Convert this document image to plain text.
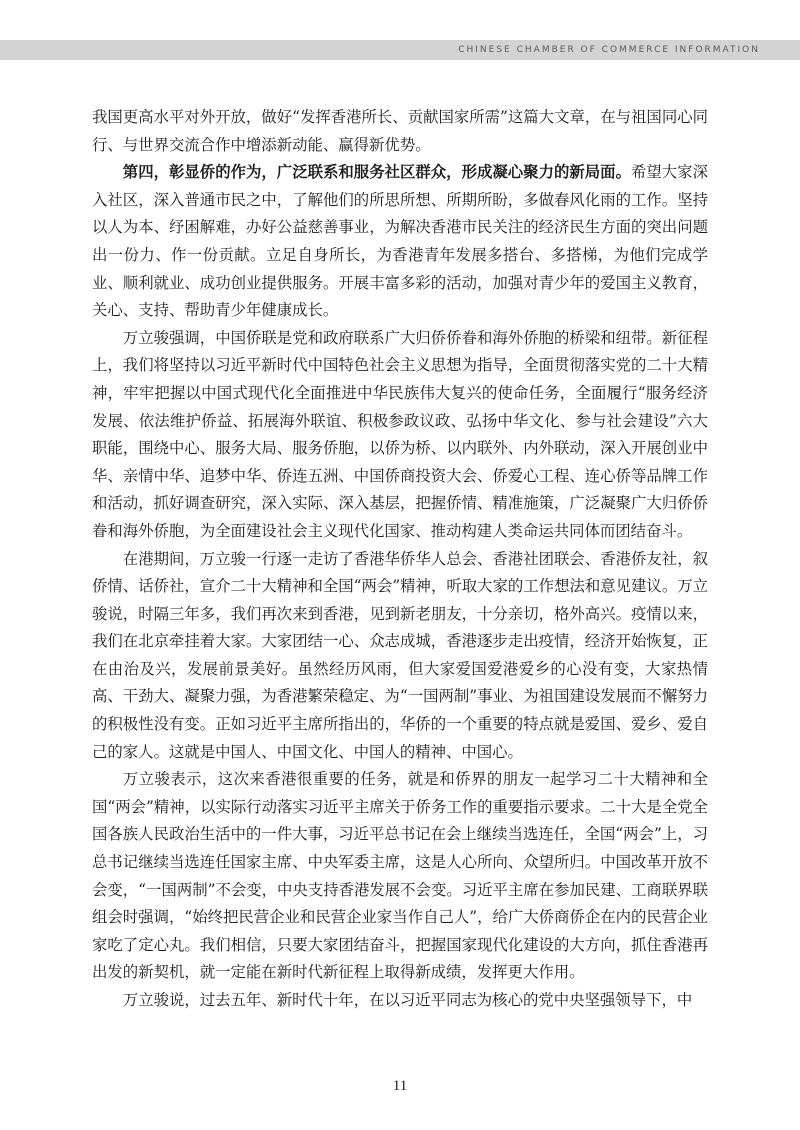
CHINESE CHAMBER OF COMMERCE INFORMATION

我国更高水平对外开放，做好“发挥香港所长、贡献国家所需”这篇大文章，在与祖国同心同行、与世界交流合作中增添新动能、赢得新优势。

第四，彰显侨的作为，广泛联系和服务社区群众，形成凝心聚力的新局面。希望大家深入社区，深入普通市民之中，了解他们的所思所想、所期所盼，多做春风化雨的工作。坚持以人为本、纾困解难，办好公益慈善事业，为解决香港市民关注的经济民生方面的突出问题出一份力、作一份贡献。立足自身所长，为香港青年发展多搭台、多搭梯，为他们完成学业、顺利就业、成功创业提供服务。开展丰富多彩的活动，加强对青少年的爱国主义教育，关心、支持、帮助青少年健康成长。

万立骏强调，中国侨联是党和政府联系广大归侨侨眷和海外侨胞的桥梁和纽带。新征程上，我们将坚持以习近平新时代中国特色社会主义思想为指导，全面贯彻落实党的二十大精神，牢牢把握以中国式现代化全面推进中华民族伟大复兴的使命任务，全面履行“服务经济发展、依法维护侨益、拓展海外联谊、积极参政议政、弘扬中华文化、参与社会建设”六大职能，围绕中心、服务大局、服务侨胞，以侨为桥、以内联外、内外联动，深入开展创业中华、亲情中华、追梦中华、侨连五洲、中国侨商投资大会、侨爱心工程、连心侨等品牌工作和活动，抓好调查研究，深入实际、深入基层，把握侨情、精准施策，广泛凝聚广大归侨侨眷和海外侨胞，为全面建设社会主义现代化国家、推动构建人类命运共同体而团结奋斗。

在港期间，万立骏一行逐一走访了香港华侨华人总会、香港社团联会、香港侨友社，叙侨情、话侨社，宣介二十大精神和全国“两会”精神，听取大家的工作想法和意见建议。万立骏说，时隔三年多，我们再次来到香港，见到新老朋友，十分亲切，格外高兴。疫情以来，我们在北京牵挂着大家。大家团结一心、众志成城，香港逐步走出疫情，经济开始恢复，正在由治及兴，发展前景美好。虽然经历风雨，但大家爱国爱港爱乡的心没有变，大家热情高、干劲大、凝聚力强，为香港繁荣稳定、为“一国两制”事业、为祖国建设发展而不懈努力的积极性没有变。正如习近平主席所指出的，华侨的一个重要的特点就是爱国、爱乡、爱自己的家人。这就是中国人、中国文化、中国人的精神、中国心。

万立骏表示，这次来香港很重要的任务，就是和侨界的朋友一起学习二十大精神和全国“两会”精神，以实际行动落实习近平主席关于侨务工作的重要指示要求。二十大是全党全国各族人民政治生活中的一件大事，习近平总书记在会上继续当选连任，全国“两会”上，习总书记继续当选连任国家主席、中央军委主席，这是人心所向、众望所归。中国改革开放不会变，“一国两制”不会变，中央支持香港发展不会变。习近平主席在参加民建、工商联界联组会时强调，“始终把民营企业和民营企业家当作自己人”，给广大侨商侨企在内的民营企业家吃了定心丸。我们相信，只要大家团结奋斗，把握国家现代化建设的大方向，抓住香港再出发的新契机，就一定能在新时代新征程上取得新成绩，发挥更大作用。

万立骏说，过去五年、新时代十年，在以习近平同志为核心的党中央坚强领导下，中

11
